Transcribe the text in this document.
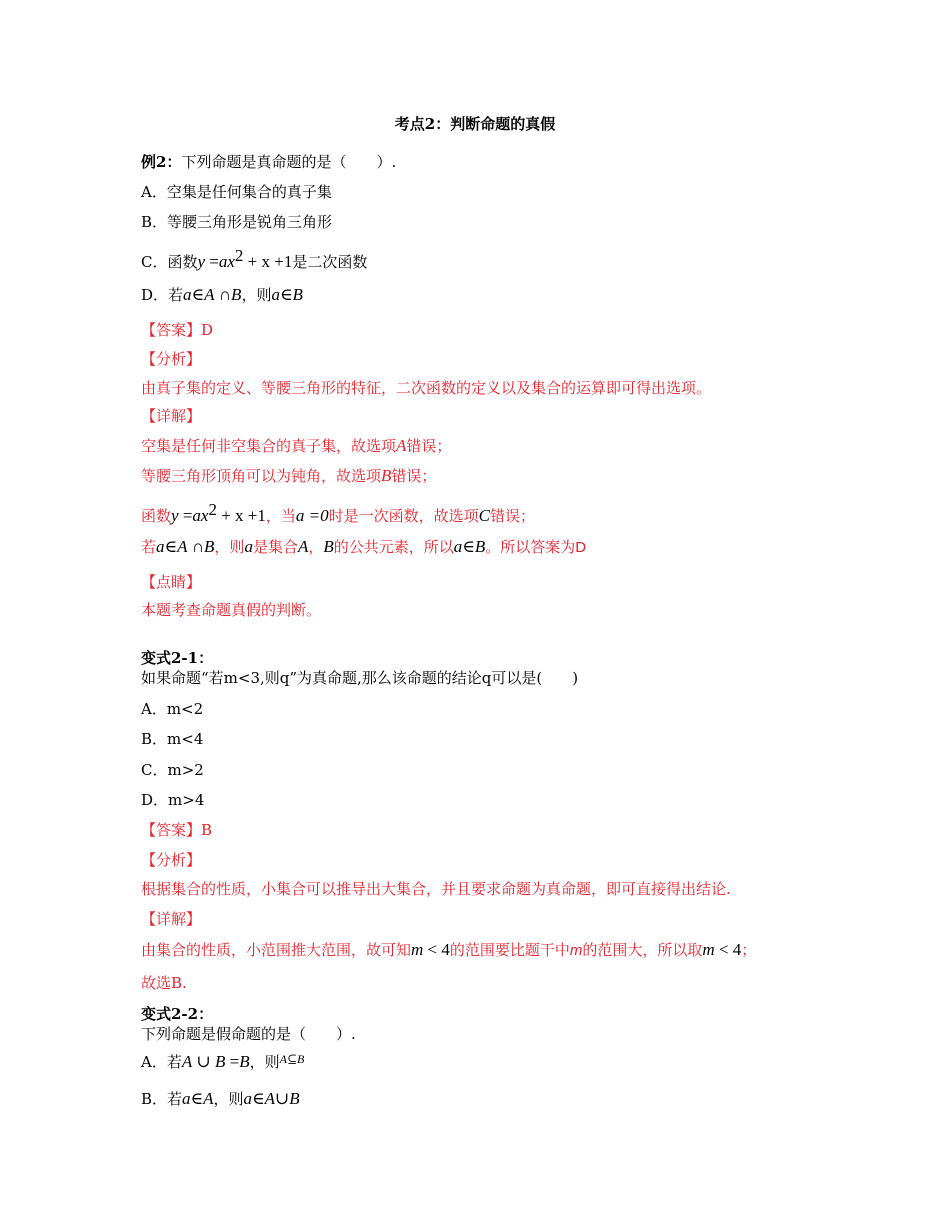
考点2：判断命题的真假
例2：下列命题是真命题的是（　　）.
A．空集是任何集合的真子集
B．等腰三角形是锐角三角形
C．函数$y =ax^2 + x +1$是二次函数
D．若a∈A ∩B，则a∈B
【答案】D
【分析】
由真子集的定义、等腰三角形的特征，二次函数的定义以及集合的运算即可得出选项。
【详解】
空集是任何非空集合的真子集，故选项A错误；
等腰三角形顶角可以为钝角，故选项B错误；
函数$y =ax^2 + x +1$，当a =0时是一次函数，故选项C错误；
若a∈A ∩B，则a是集合A，B的公共元素，所以a∈B。所以答案为D
【点睛】
本题考查命题真假的判断。
变式2-1：
如果命题“若m<3,则q”为真命题,那么该命题的结论q可以是(　　)
A．m<2
B．m<4
C．m>2
D．m>4
【答案】B
【分析】
根据集合的性质，小集合可以推导出大集合，并且要求命题为真命题，即可直接得出结论.
【详解】
由集合的性质，小范围推大范围，故可知m < 4的范围要比题干中m的范围大，所以取m < 4；
故选B.
变式2-2：
下列命题是假命题的是（　　）.
A．若A ∪ B =B，则A⊆B
B．若a∈A，则a∈A∪B
